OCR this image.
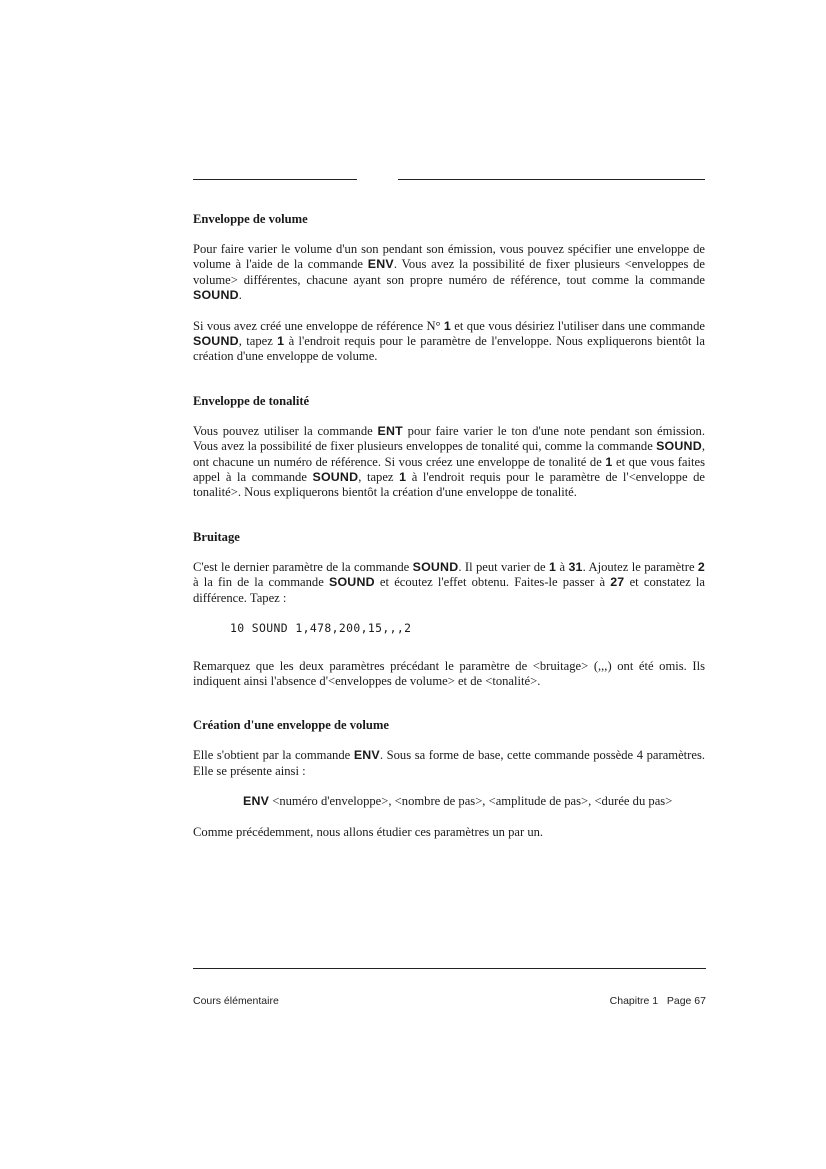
Enveloppe de volume

Pour faire varier le volume d'un son pendant son émission, vous pouvez spécifier une enveloppe de volume à l'aide de la commande ENV. Vous avez la possibilité de fixer plusieurs <enveloppes de volume> différentes, chacune ayant son propre numéro de référence, tout comme la commande SOUND.

Si vous avez créé une enveloppe de référence N° 1 et que vous désiriez l'utiliser dans une commande SOUND, tapez 1 à l'endroit requis pour le paramètre de l'enveloppe. Nous expliquerons bientôt la création d'une enveloppe de volume.

Enveloppe de tonalité

Vous pouvez utiliser la commande ENT pour faire varier le ton d'une note pendant son émission. Vous avez la possibilité de fixer plusieurs enveloppes de tonalité qui, comme la commande SOUND, ont chacune un numéro de référence. Si vous créez une enveloppe de tonalité de 1 et que vous faites appel à la commande SOUND, tapez 1 à l'endroit requis pour le paramètre de l'<enveloppe de tonalité>. Nous expliquerons bientôt la création d'une enveloppe de tonalité.

Bruitage

C'est le dernier paramètre de la commande SOUND. Il peut varier de 1 à 31. Ajoutez le paramètre 2 à la fin de la commande SOUND et écoutez l'effet obtenu. Faites-le passer à 27 et constatez la différence. Tapez :

10 SOUND 1,478,200,15,,,2

Remarquez que les deux paramètres précédant le paramètre de <bruitage> (,,,) ont été omis. Ils indiquent ainsi l'absence d'<enveloppes de volume> et de <tonalité>.

Création d'une enveloppe de volume

Elle s'obtient par la commande ENV. Sous sa forme de base, cette commande possède 4 paramètres. Elle se présente ainsi :

ENV <numéro d'enveloppe>, <nombre de pas>, <amplitude de pas>, <durée du pas>

Comme précédemment, nous allons étudier ces paramètres un par un.

Cours élémentaire	Chapitre 1   Page 67
